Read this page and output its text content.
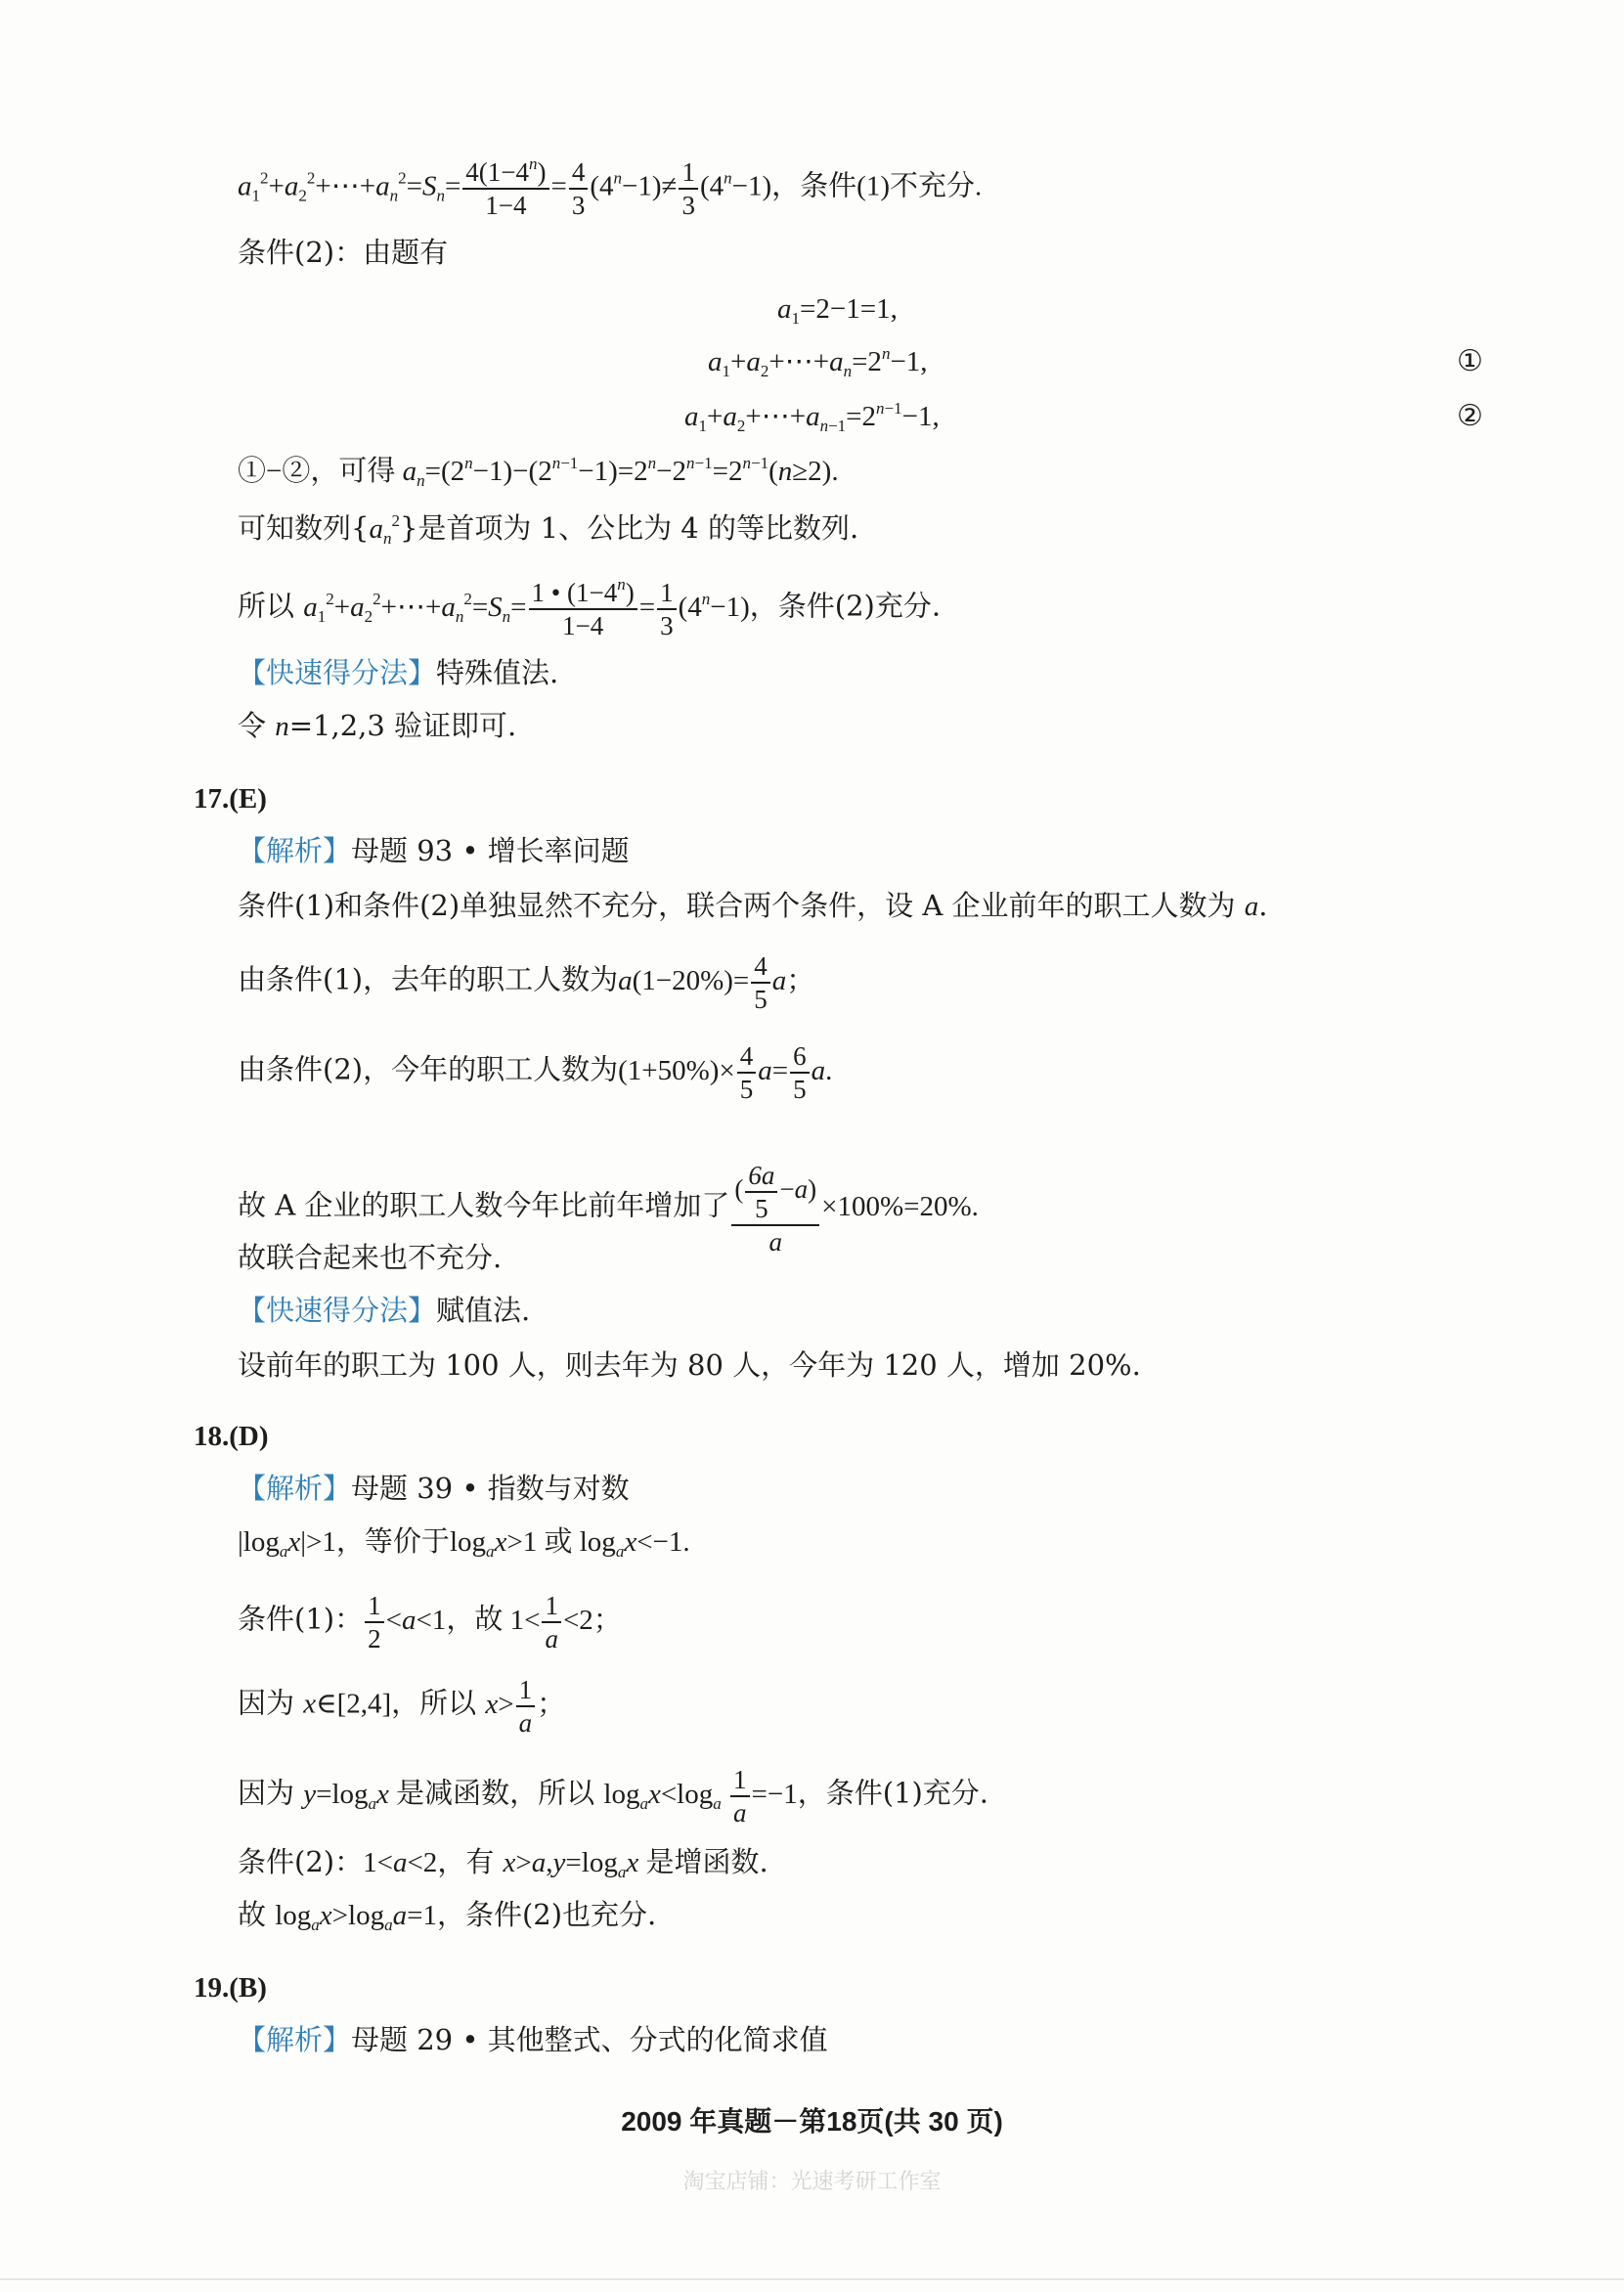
$a_1^2+a_2^2+\cdots+a_n^2=S_n= \frac{4(1-4^n)}{1-4} = \frac{4}{3} (4^n-1)\ne \frac{1}{3} (4^n-1)$，条件(1)不充分.
条件(2)：由题有
$a_1=2-1=1$,
$a_1+a_2+\cdots+a_n=2^n-1$,	①
$a_1+a_2+\cdots+a_{n-1}=2^{n-1}-1$,	②
①−②，可得 $a_n=(2^n-1)-(2^{n-1}-1)=2^n-2^{n-1}=2^{n-1}(n\ge 2)$.
可知数列$\{a_n^2\}$是首项为 1、公比为 4 的等比数列.
所以 $a_1^2+a_2^2+\cdots+a_n^2=S_n= \frac{1 • (1-4^n)}{1-4} = \frac{1}{3} (4^n-1)$，条件(2)充分.
【快速得分法】特殊值法.
令 n=1,2,3 验证即可.
17.(E)
【解析】母题 93 • 增长率问题
条件(1)和条件(2)单独显然不充分，联合两个条件，设 A 企业前年的职工人数为 a.
由条件(1)，去年的职工人数为$a(1-20\%)= \frac{4}{5}$ a；
由条件(2)，今年的职工人数为$(1+50\%)\times \frac{4}{5} a= \frac{6}{5} a$.
故 A 企业的职工人数今年比前年增加了 $\frac{( \frac{6a}{5} -a)}{a} \times 100\%=20\%$.
故联合起来也不充分.
【快速得分法】赋值法.
设前年的职工为 100 人，则去年为 80 人，今年为 120 人，增加 20%.
18.(D)
【解析】母题 39 • 指数与对数
$|\log_ax|>1$，等价于$\log_ax>1$ 或 $\log_ax<-1$.
条件(1)： $\frac{1}{2} <a<1$，故 $1< \frac{1}{a} <2$；
因为 x∈[2,4]，所以 $x> \frac{1}{a}$ ；
因为 $y=\log_ax$ 是减函数，所以 $\log_ax<\log_a \frac{1}{a} =-1$，条件(1)充分.
条件(2)：1<a<2，有 $x>a,y=\log_ax$ 是增函数.
故 $\log_ax>\log_aa=1$，条件(2)也充分.
19.(B)
【解析】母题 29 • 其他整式、分式的化简求值
2009 年真题－第18页(共 30 页)
淘宝店铺：光速考研工作室
